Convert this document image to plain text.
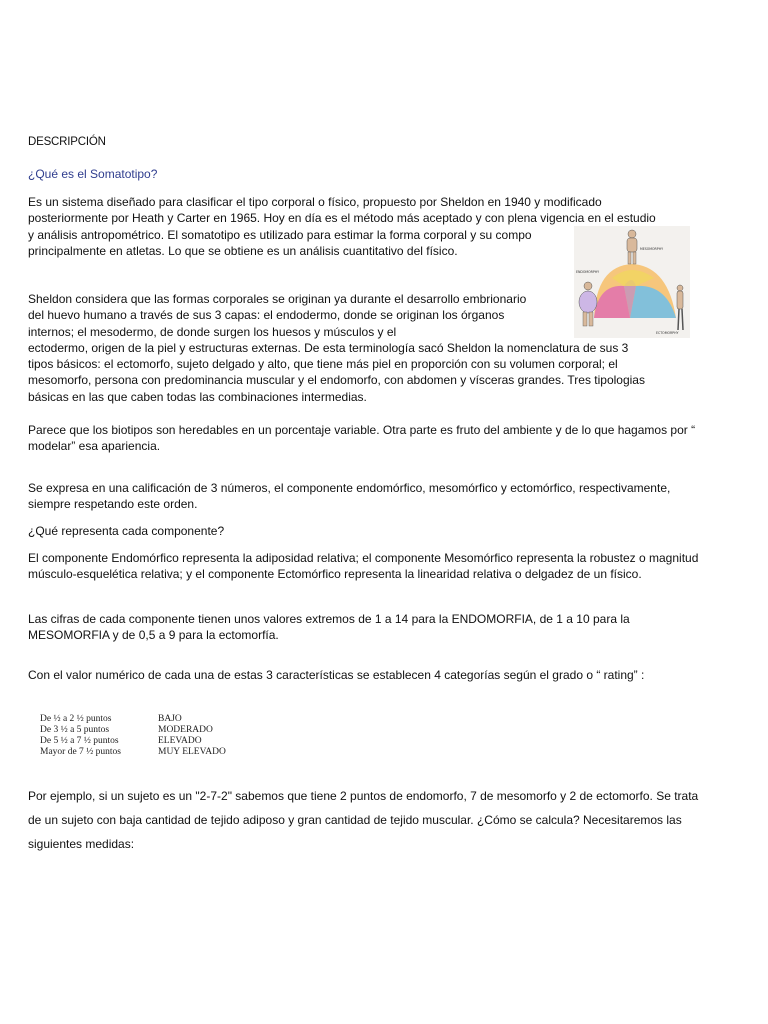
DESCRIPCIÓN
¿Qué es el Somatotipo?

Es un sistema diseñado para clasificar el tipo corporal o físico, propuesto por Sheldon en 1940 y modificado
posteriormente por Heath y Carter en 1965. Hoy en día es el método más aceptado y con plena vigencia en el estudio
y análisis antropométrico. El somatotipo es utilizado para estimar la forma corporal y su compo
principalmente en atletas. Lo que se obtiene es un análisis cuantitativo del físico.

ENDOMORPHY
MESOMORPHY
ECTOMORPHY

Sheldon considera que las formas corporales se originan ya durante el desarrollo embrionario
del huevo humano a través de sus 3 capas: el endodermo, donde se originan los órganos
internos; el mesodermo, de donde surgen los huesos y músculos y el
ectodermo, origen de la piel y estructuras externas. De esta terminología sacó Sheldon la nomenclatura de sus 3
tipos básicos: el ectomorfo, sujeto delgado y alto, que tiene más piel en proporción con su volumen corporal; el
mesomorfo, persona con predominancia muscular y el endomorfo, con abdomen y vísceras grandes. Tres tipologias
básicas en las que caben todas las combinaciones intermedias.

Parece que los biotipos son heredables en un porcentaje variable. Otra parte es fruto del ambiente y de lo que hagamos por “ modelar” esa apariencia.

Se expresa en una calificación de 3 números, el componente endomórfico, mesomórfico y ectomórfico, respectivamente, siempre respetando este orden.

¿Qué representa cada componente?

El componente Endomórfico representa la adiposidad relativa; el componente Mesomórfico representa la robustez o magnitud músculo-esquelética relativa; y el componente Ectomórfico representa la linearidad relativa o delgadez de un físico.

Las cifras de cada componente tienen unos valores extremos de 1 a 14 para la ENDOMORFIA, de 1 a 10 para la MESOMORFIA y de 0,5 a 9 para la ectomorfía.

Con el valor numérico de cada una de estas 3 características se establecen 4 categorías según el grado o “ rating” :

De ½ a 2 ½ puntos	BAJO
De 3 ½ a 5 puntos	MODERADO
De 5 ½ a 7 ½ puntos	ELEVADO
Mayor de 7 ½ puntos	MUY ELEVADO

Por ejemplo, si un sujeto es un "2-7-2" sabemos que tiene 2 puntos de endomorfo, 7 de mesomorfo y 2 de ectomorfo. Se trata de un sujeto con baja cantidad de tejido adiposo y gran cantidad de tejido muscular. ¿Cómo se calcula? Necesitaremos las siguientes medidas:
